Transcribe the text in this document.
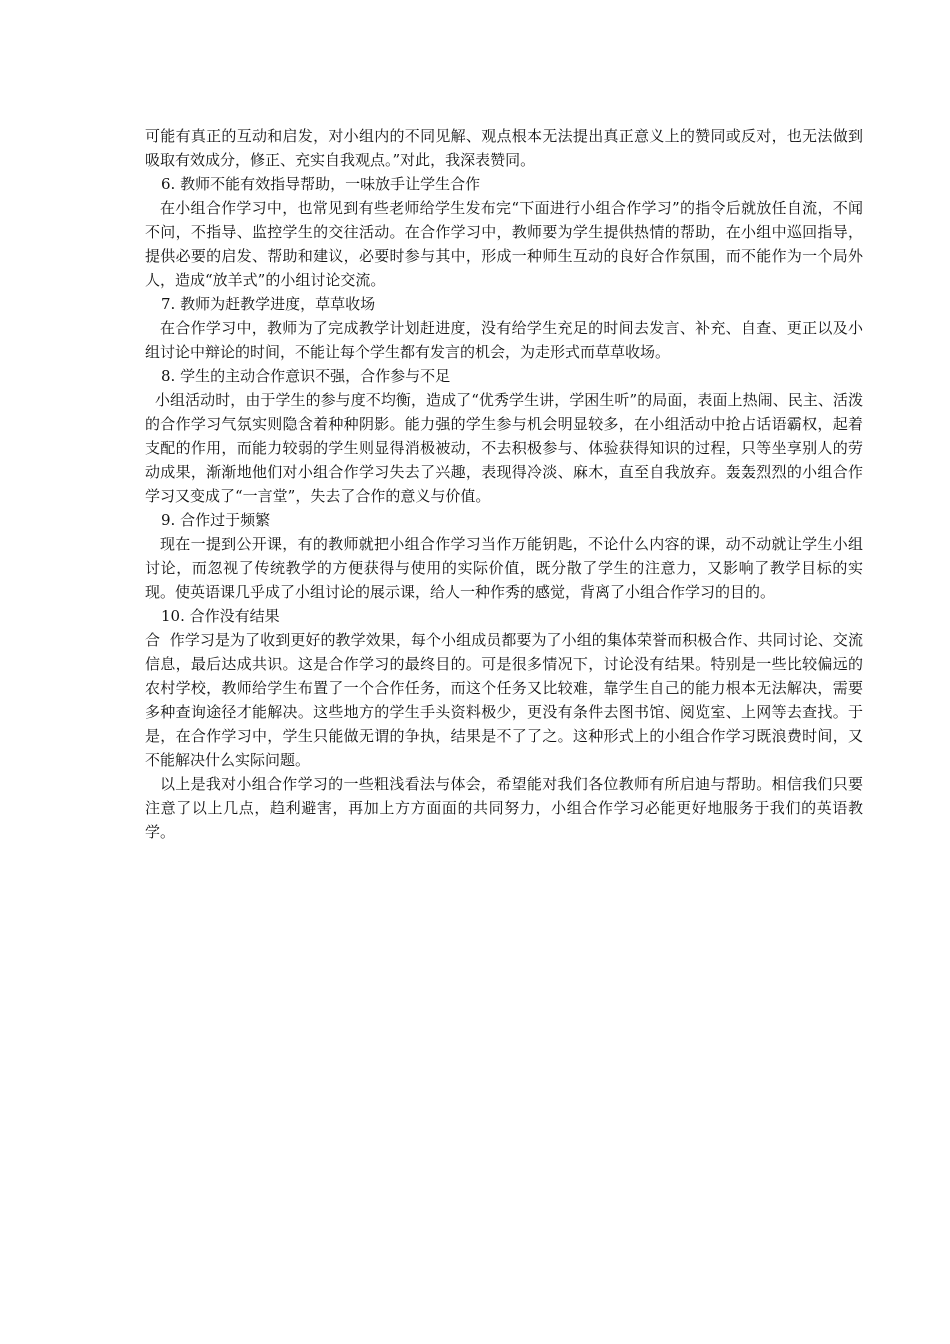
可能有真正的互动和启发，对小组内的不同见解、观点根本无法提出真正意义上的赞同或反对，也无法做到吸取有效成分，修正、充实自我观点。”对此，我深表赞同。

6. 教师不能有效指导帮助，一味放手让学生合作

在小组合作学习中，也常见到有些老师给学生发布完“下面进行小组合作学习”的指令后就放任自流，不闻不问，不指导、监控学生的交往活动。在合作学习中，教师要为学生提供热情的帮助，在小组中巡回指导，提供必要的启发、帮助和建议，必要时参与其中，形成一种师生互动的良好合作氛围，而不能作为一个局外人，造成“放羊式”的小组讨论交流。

7. 教师为赶教学进度，草草收场

在合作学习中，教师为了完成教学计划赶进度，没有给学生充足的时间去发言、补充、自查、更正以及小组讨论中辩论的时间，不能让每个学生都有发言的机会，为走形式而草草收场。

8. 学生的主动合作意识不强，合作参与不足

小组活动时，由于学生的参与度不均衡，造成了“优秀学生讲，学困生听”的局面，表面上热闹、民主、活泼的合作学习气氛实则隐含着种种阴影。能力强的学生参与机会明显较多，在小组活动中抢占话语霸权，起着支配的作用，而能力较弱的学生则显得消极被动，不去积极参与、体验获得知识的过程，只等坐享别人的劳动成果，渐渐地他们对小组合作学习失去了兴趣，表现得冷淡、麻木，直至自我放弃。轰轰烈烈的小组合作学习又变成了“一言堂”，失去了合作的意义与价值。

9. 合作过于频繁

现在一提到公开课，有的教师就把小组合作学习当作万能钥匙，不论什么内容的课，动不动就让学生小组讨论，而忽视了传统教学的方便获得与使用的实际价值，既分散了学生的注意力，又影响了教学目标的实现。使英语课几乎成了小组讨论的展示课，给人一种作秀的感觉，背离了小组合作学习的目的。

10. 合作没有结果

合  作学习是为了收到更好的教学效果，每个小组成员都要为了小组的集体荣誉而积极合作、共同讨论、交流信息，最后达成共识。这是合作学习的最终目的。可是很多情况下，讨论没有结果。特别是一些比较偏远的农村学校，教师给学生布置了一个合作任务，而这个任务又比较难，靠学生自己的能力根本无法解决，需要多种查询途径才能解决。这些地方的学生手头资料极少，更没有条件去图书馆、阅览室、上网等去查找。于是，在合作学习中，学生只能做无谓的争执，结果是不了了之。这种形式上的小组合作学习既浪费时间，又不能解决什么实际问题。

以上是我对小组合作学习的一些粗浅看法与体会，希望能对我们各位教师有所启迪与帮助。相信我们只要注意了以上几点，趋利避害，再加上方方面面的共同努力，小组合作学习必能更好地服务于我们的英语教学。
